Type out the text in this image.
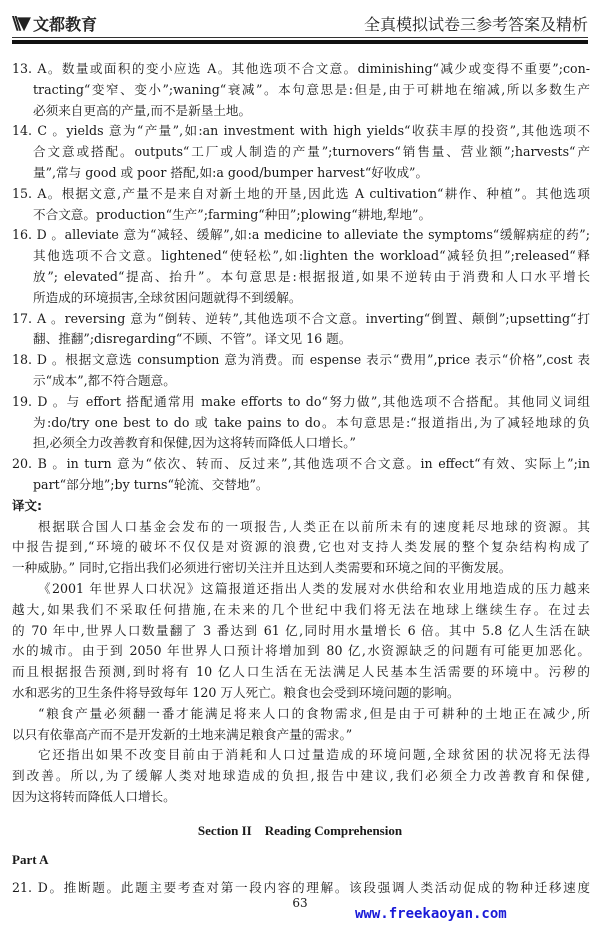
\\▼ 文都教育	全真模拟试卷三参考答案及精析
13. A。数量或面积的变小应选 A。其他选项不合文意。diminishing“减少或变得不重要”;con-
tracting“变窄、变小”;waning“衰减”。本句意思是:但是,由于可耕地在缩减,所以多数生产
必须来自更高的产量,而不是新垦土地。
14. C 。yields 意为“产量”,如:an investment with high yields“收获丰厚的投资”,其他选项不
合文意或搭配。outputs“工厂或人制造的产量”;turnovers“销售量、营业额”;harvests“产
量”,常与 good 或 poor 搭配,如:a good/bumper harvest“好收成”。
15. A。根据文意,产量不是来自对新土地的开垦,因此选 A cultivation“耕作、种植”。其他选项
不合文意。production“生产”;farming“种田”;plowing“耕地,犁地”。
16. D 。alleviate 意为“减轻、缓解”,如:a medicine to alleviate the symptoms“缓解病症的药”;
其他选项不合文意。lightened“使轻松”,如:lighten the workload“减轻负担”;released“释
放”; elevated“提高、抬升”。本句意思是:根据报道,如果不逆转由于消费和人口水平增长
所造成的环境损害,全球贫困问题就得不到缓解。
17. A 。reversing 意为“倒转、逆转”,其他选项不合文意。inverting“倒置、颠倒”;upsetting“打
翻、推翻”;disregarding“不顾、不管”。译文见 16 题。
18. D 。根据文意选 consumption 意为消费。而 espense 表示“费用”,price 表示“价格”,cost 表
示“成本”,都不符合题意。
19. D 。与 effort 搭配通常用 make efforts to do“努力做”,其他选项不合搭配。其他同义词组
为:do/try one best to do 或 take pains to do。本句意思是:“报道指出,为了减轻地球的负
担,必须全力改善教育和保健,因为这将转而降低人口增长。”
20. B 。in turn 意为“依次、转而、反过来”,其他选项不合文意。in effect“有效、实际上”;in
part“部分地”;by turns“轮流、交替地”。
译文:
根据联合国人口基金会发布的一项报告,人类正在以前所未有的速度耗尽地球的资源。其
中报告提到,“环境的破坏不仅仅是对资源的浪费,它也对支持人类发展的整个复杂结构构成了
一种威胁。” 同时,它指出我们必须进行密切关注并且达到人类需要和环境之间的平衡发展。
《2001 年世界人口状况》这篇报道还指出人类的发展对水供给和农业用地造成的压力越来
越大,如果我们不采取任何措施,在未来的几个世纪中我们将无法在地球上继续生存。在过去
的 70 年中,世界人口数量翻了 3 番达到 61 亿,同时用水量增长 6 倍。其中 5.8 亿人生活在缺
水的城市。由于到 2050 年世界人口预计将增加到 80 亿,水资源缺乏的问题有可能更加恶化。
而且根据报告预测,到时将有 10 亿人口生活在无法满足人民基本生活需要的环境中。污秽的
水和恶劣的卫生条件将导致每年 120 万人死亡。粮食也会受到环境问题的影响。
“粮食产量必须翻一番才能满足将来人口的食物需求,但是由于可耕种的土地正在减少,所
以只有依靠高产而不是开发新的土地来满足粮食产量的需求。”
它还指出如果不改变目前由于消耗和人口过量造成的环境问题,全球贫困的状况将无法得
到改善。所以,为了缓解人类对地球造成的负担,报告中建议,我们必须全力改善教育和保健,
因为这将转而降低人口增长。
Section II    Reading Comprehension
Part A
21. D。推断题。此题主要考查对第一段内容的理解。该段强调人类活动促成的物种迁移速度
63
www.freekaoyan.com
